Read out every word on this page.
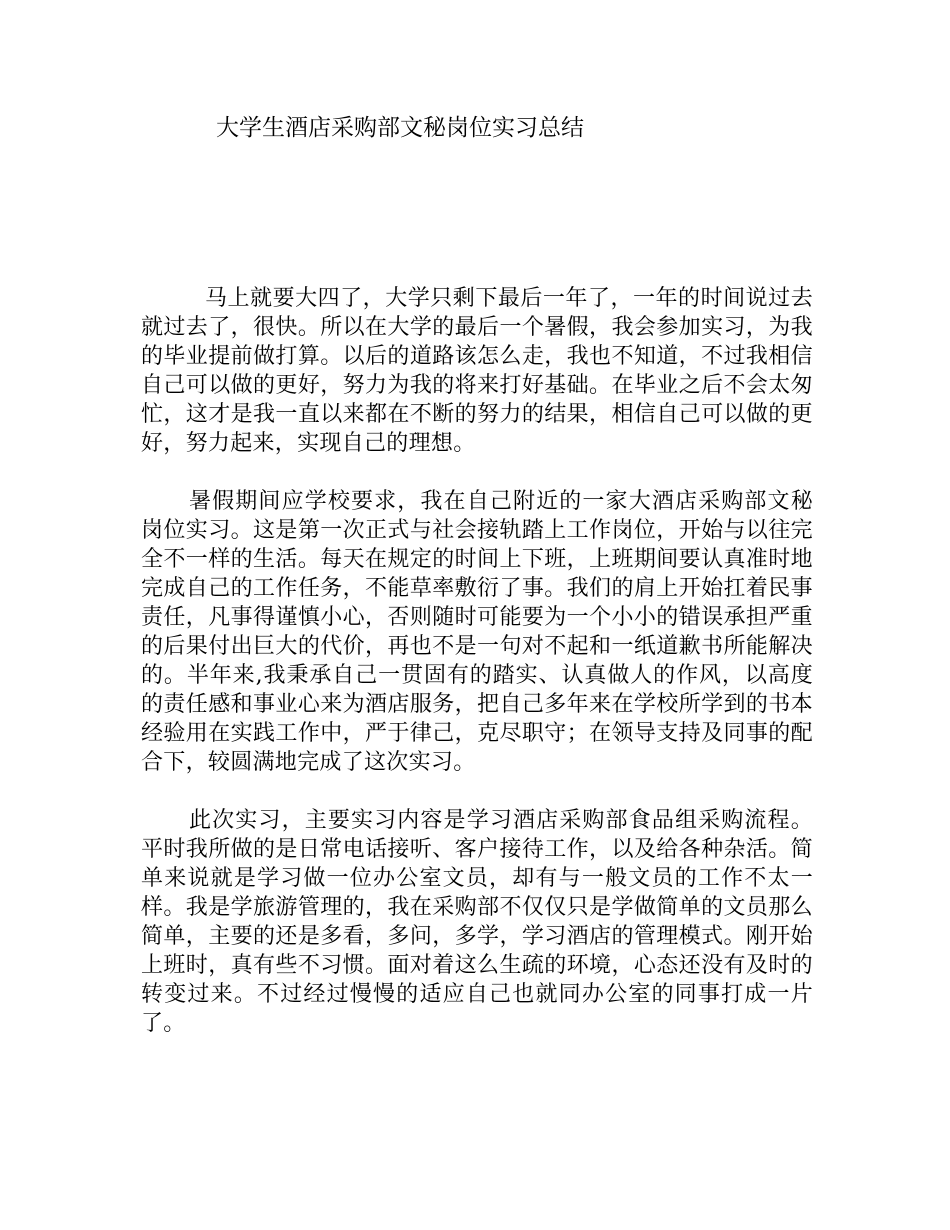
大学生酒店采购部文秘岗位实习总结

马上就要大四了，大学只剩下最后一年了，一年的时间说过去就过去了，很快。所以在大学的最后一个暑假，我会参加实习，为我的毕业提前做打算。以后的道路该怎么走，我也不知道，不过我相信自己可以做的更好，努力为我的将来打好基础。在毕业之后不会太匆忙，这才是我一直以来都在不断的努力的结果，相信自己可以做的更好，努力起来，实现自己的理想。

暑假期间应学校要求，我在自己附近的一家大酒店采购部文秘岗位实习。这是第一次正式与社会接轨踏上工作岗位，开始与以往完全不一样的生活。每天在规定的时间上下班，上班期间要认真准时地完成自己的工作任务，不能草率敷衍了事。我们的肩上开始扛着民事责任，凡事得谨慎小心，否则随时可能要为一个小小的错误承担严重的后果付出巨大的代价，再也不是一句对不起和一纸道歉书所能解决的。半年来,我秉承自己一贯固有的踏实、认真做人的作风，以高度的责任感和事业心来为酒店服务，把自己多年来在学校所学到的书本经验用在实践工作中，严于律己，克尽职守；在领导支持及同事的配合下，较圆满地完成了这次实习。

此次实习，主要实习内容是学习酒店采购部食品组采购流程。平时我所做的是日常电话接听、客户接待工作，以及给各种杂活。简单来说就是学习做一位办公室文员，却有与一般文员的工作不太一样。我是学旅游管理的，我在采购部不仅仅只是学做简单的文员那么简单，主要的还是多看，多问，多学，学习酒店的管理模式。刚开始上班时，真有些不习惯。面对着这么生疏的环境，心态还没有及时的转变过来。不过经过慢慢的适应自己也就同办公室的同事打成一片了。
